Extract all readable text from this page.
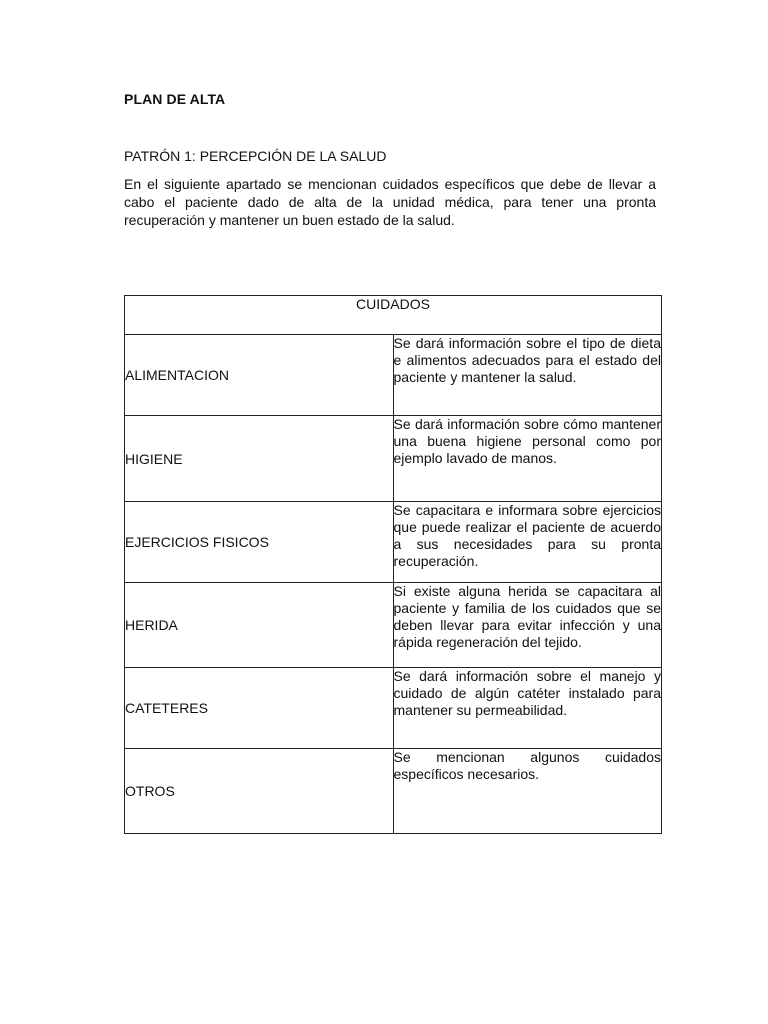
PLAN DE ALTA
PATRÓN 1: PERCEPCIÓN DE LA SALUD
En el siguiente apartado se mencionan cuidados específicos que debe de llevar a cabo el paciente dado de alta de la unidad médica, para tener una pronta recuperación y mantener un buen estado de la salud.
CUIDADOS	
ALIMENTACION	Se dará información sobre el tipo de dieta e alimentos adecuados para el estado del paciente y mantener la salud.
HIGIENE	Se dará información sobre cómo mantener una buena higiene personal como por ejemplo lavado de manos.
EJERCICIOS FISICOS	Se capacitara e informara sobre ejercicios que puede realizar el paciente de acuerdo a sus necesidades para su pronta recuperación.
HERIDA	Si existe alguna herida se capacitara al paciente y familia de los cuidados que se deben llevar para evitar infección y una rápida regeneración del tejido.
CATETERES	Se dará información sobre el manejo y cuidado de algún catéter instalado para mantener su permeabilidad.
OTROS	Se mencionan algunos cuidados específicos necesarios.
